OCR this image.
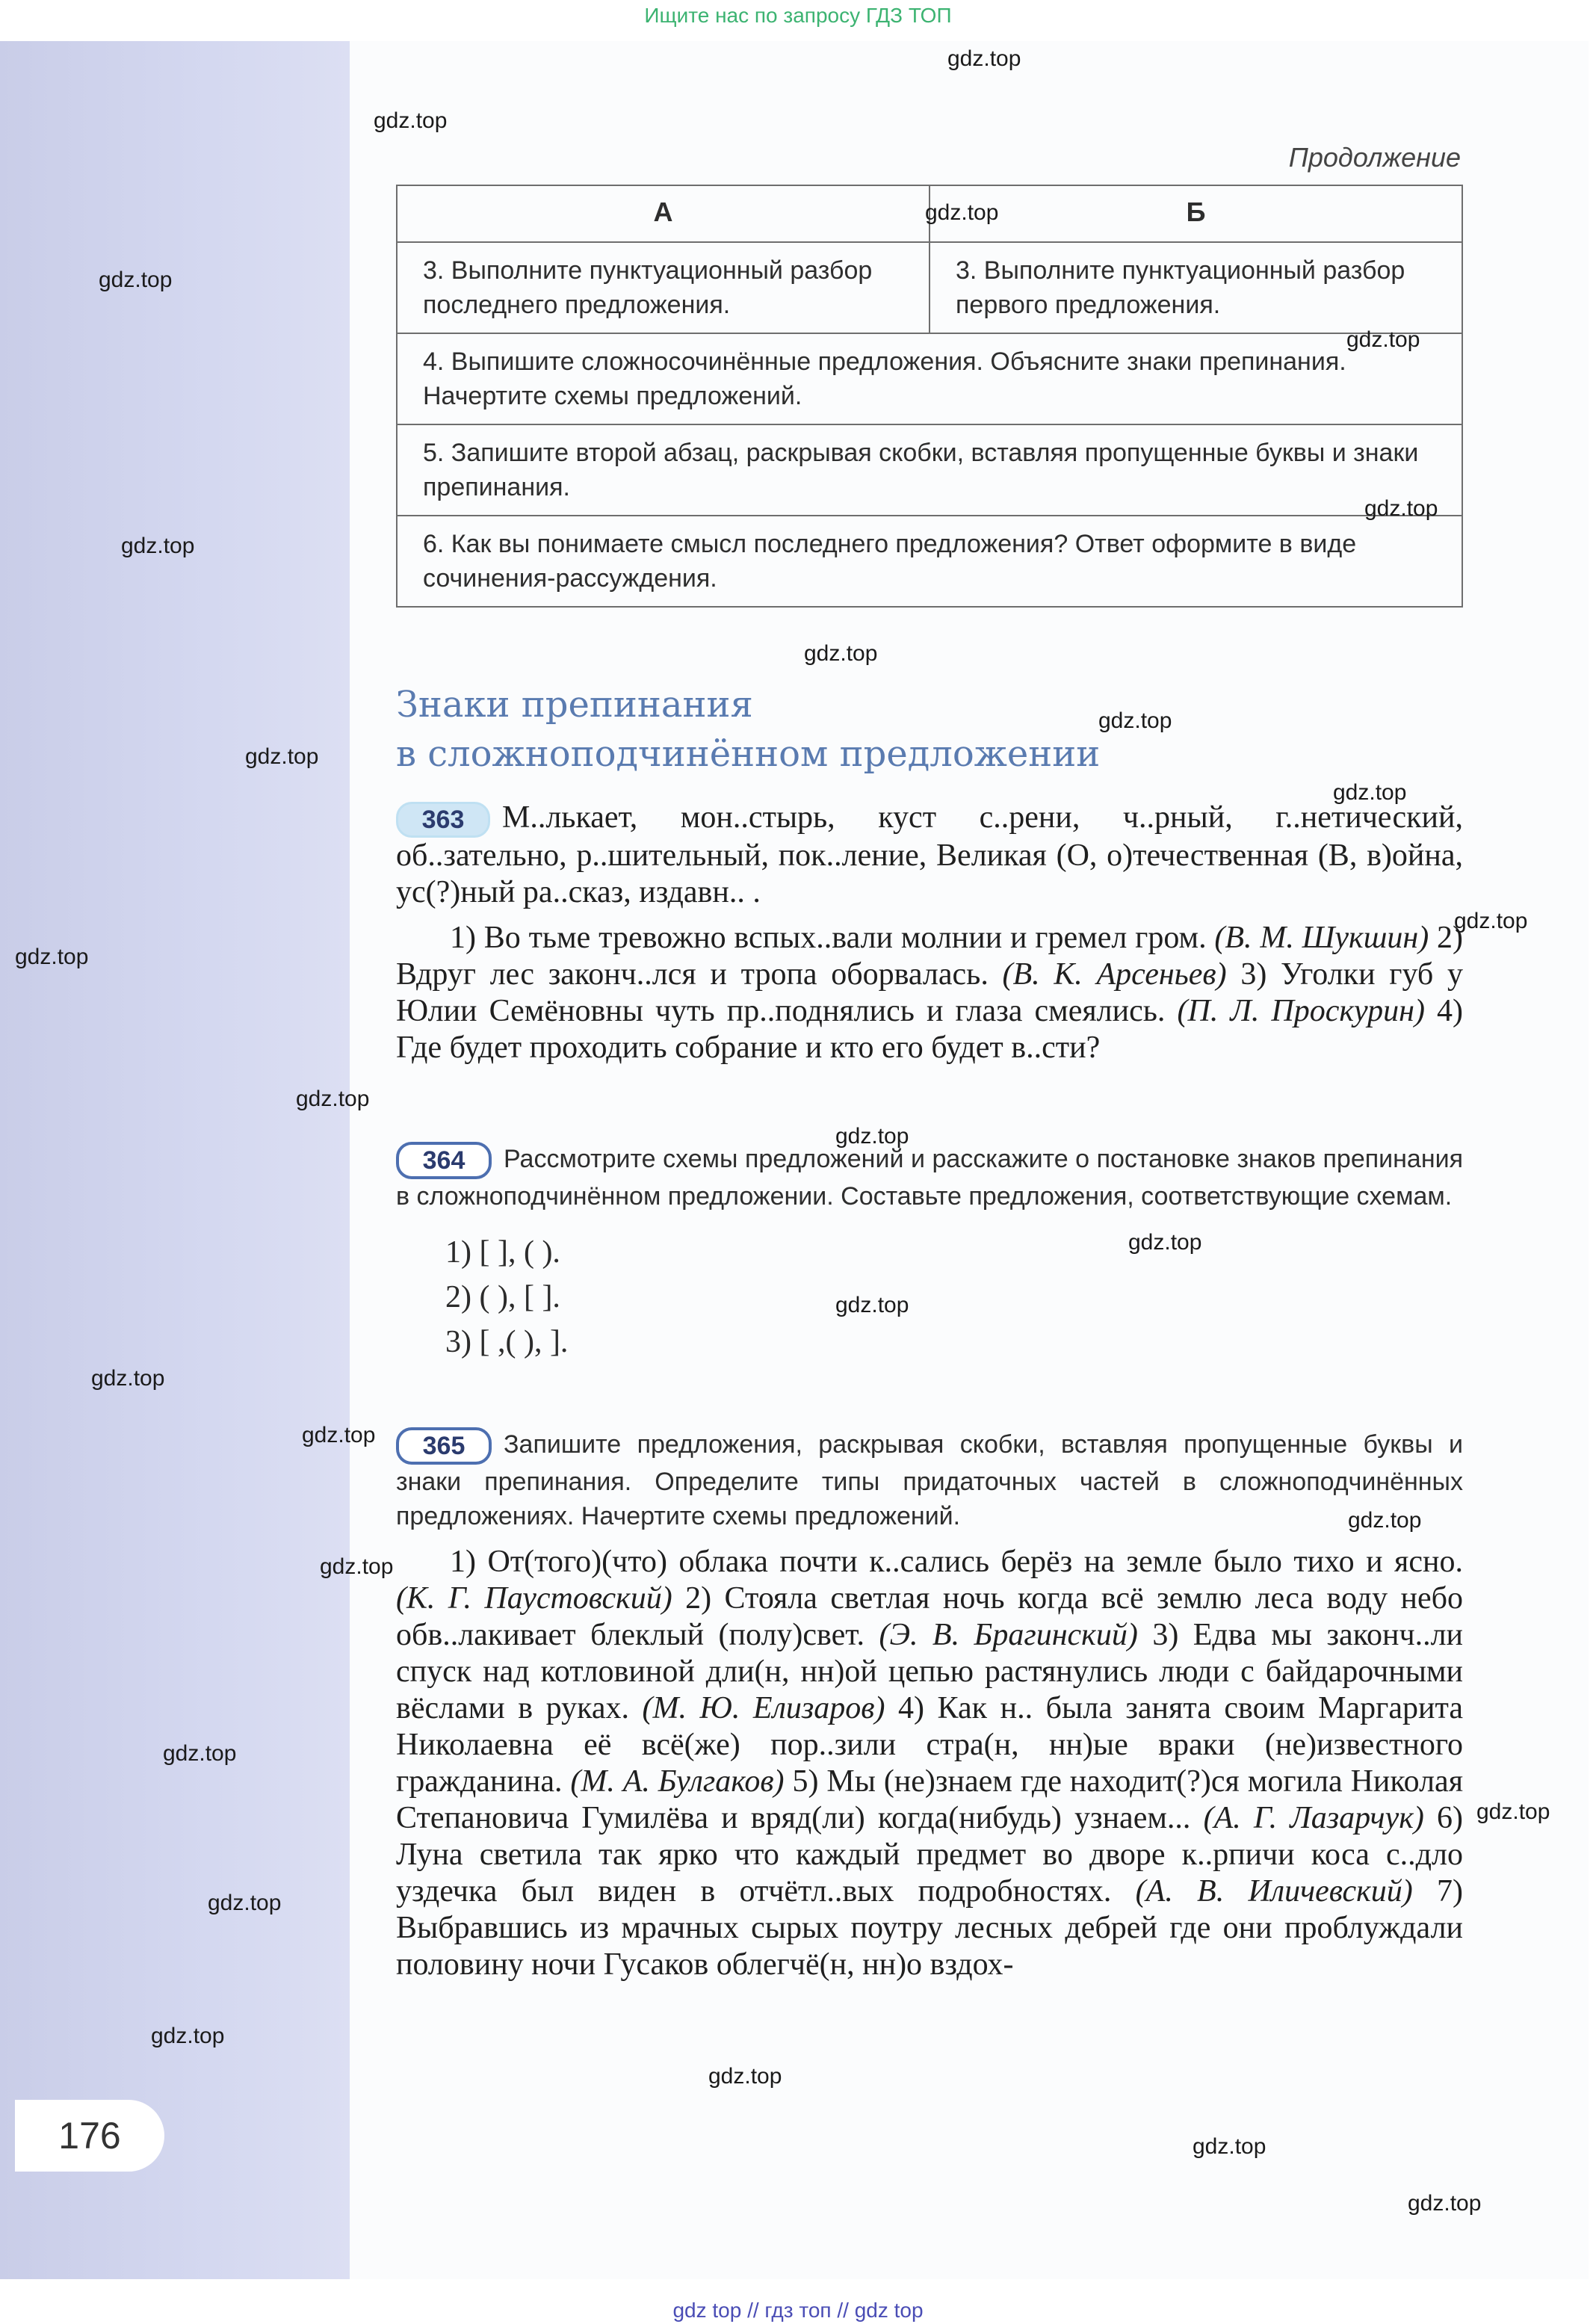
Ищите нас по запросу ГДЗ ТОП
Продолжение
А	Б
3. Выполните пунктуационный разбор последнего предложения.	3. Выполните пунктуационный разбор первого предложения.
4. Выпишите сложносочинённые предложения. Объясните знаки препинания. Начертите схемы предложений.	
5. Запишите второй абзац, раскрывая скобки, вставляя пропущенные буквы и знаки препинания.	
6. Как вы понимаете смысл последнего предложения? Ответ оформите в виде сочинения-рассуждения.	
Знаки препинания
в сложноподчинённом предложении

363 М..лькает, мон..стырь, куст с..рени, ч..рный, г..нетический, об..зательно, р..шительный, пок..ление, Великая (О, о)течественная (В, в)ойна, ус(?)ный ра..сказ, издавн.. .

1) Во тьме тревожно вспых..вали молнии и гремел гром. (В. М. Шукшин) 2) Вдруг лес законч..лся и тропа оборвалась. (В. К. Арсеньев) 3) Уголки губ у Юлии Семёновны чуть пр..поднялись и глаза смеялись. (П. Л. Проскурин) 4) Где будет проходить собрание и кто его будет в..сти?

364 Рассмотрите схемы предложений и расскажите о постановке знаков препинания в сложноподчинённом предложении. Составьте предложения, соответствующие схемам.

1) [ ], ( ).

2) ( ), [ ].

3) [ ,( ), ].

365 Запишите предложения, раскрывая скобки, вставляя пропущенные буквы и знаки препинания. Определите типы придаточных частей в сложноподчинённых предложениях. Начертите схемы предложений.

1) От(того)(что) облака почти к..сались берёз на земле было тихо и ясно. (К. Г. Паустовский) 2) Стояла светлая ночь когда всё землю леса воду небо обв..лакивает блеклый (полу)свет. (Э. В. Брагинский) 3) Едва мы законч..ли спуск над котловиной дли(н, нн)ой цепью растянулись люди с байдарочными вёслами в руках. (М. Ю. Елизаров) 4) Как н.. была занята своим Маргарита Николаевна её всё(же) пор..зили стра(н, нн)ые враки (не)известного гражданина. (М. А. Булгаков) 5) Мы (не)знаем где находит(?)ся могила Николая Степановича Гумилёва и вряд(ли) когда(нибудь) узнаем... (А. Г. Лазарчук) 6) Луна светила так ярко что каждый предмет во дворе к..рпичи коса с..дло уздечка был виден в отчётл..вых подробностях. (А. В. Иличевский) 7) Выбравшись из мрачных сырых поутру лесных дебрей где они проблуждали половину ночи Гусаков облегчё(н, нн)о вздох-

176
gdz.top
gdz.top
gdz.top
gdz.top
gdz.top
gdz.top
gdz.top
gdz.top
gdz.top
gdz.top
gdz.top
gdz.top
gdz.top
gdz.top
gdz.top
gdz.top
gdz.top
gdz.top
gdz.top
gdz.top
gdz.top
gdz.top
gdz.top
gdz.top
gdz.top
gdz.top
gdz.top
gdz.top
gdz top // гдз топ // gdz top
